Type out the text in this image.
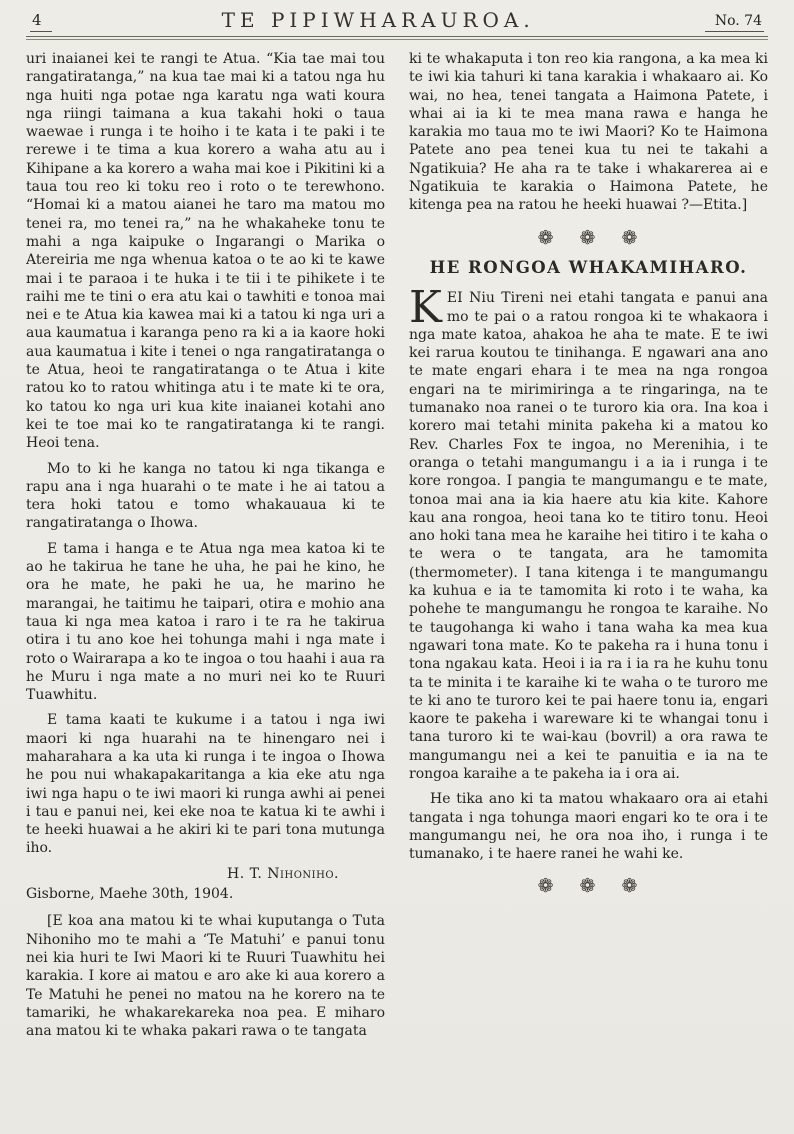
4	TE PIPIWHARAUROA.	No. 74

uri inaianei kei te rangi te Atua. “Kia tae mai tou rangatiratanga,” na kua tae mai ki a tatou nga hu nga huiti nga potae nga karatu nga wati koura nga riingi taimana a kua takahi hoki o taua waewae i runga i te hoiho i te kata i te paki i te rerewe i te tima a kua korero a waha atu au i Kihipane a ka korero a waha mai koe i Pikitini ki a taua tou reo ki toku reo i roto o te terewhono. “Homai ki a matou aianei he taro ma matou mo tenei ra, mo tenei ra,” na he whakaheke tonu te mahi a nga kaipuke o Ingarangi o Marika o Atereiria me nga whenua katoa o te ao ki te kawe mai i te paraoa i te huka i te tii i te pihikete i te raihi me te tini o era atu kai o tawhiti e tonoa mai nei e te Atua kia kawea mai ki a tatou ki nga uri a aua kaumatua i karanga peno ra ki a ia kaore hoki aua kaumatua i kite i tenei o nga rangatiratanga o te Atua, heoi te rangatiratanga o te Atua i kite ratou ko to ratou whitinga atu i te mate ki te ora, ko tatou ko nga uri kua kite inaianei kotahi ano kei te toe mai ko te rangatiratanga ki te rangi. Heoi tena.

Mo to ki he kanga no tatou ki nga tikanga e rapu ana i nga huarahi o te mate i he ai tatou a tera hoki tatou e tomo whakauaua ki te rangatiratanga o Ihowa.

E tama i hanga e te Atua nga mea katoa ki te ao he takirua he tane he uha, he pai he kino, he ora he mate, he paki he ua, he marino he marangai, he taitimu he taipari, otira e mohio ana taua ki nga mea katoa i raro i te ra he takirua otira i tu ano koe hei tohunga mahi i nga mate i roto o Wairarapa a ko te ingoa o tou haahi i aua ra he Muru i nga mate a no muri nei ko te Ruuri Tuawhitu.

E tama kaati te kukume i a tatou i nga iwi maori ki nga huarahi na te hinengaro nei i maharahara a ka uta ki runga i te ingoa o Ihowa he pou nui whakapakaritanga a kia eke atu nga iwi nga hapu o te iwi maori ki runga awhi ai penei i tau e panui nei, kei eke noa te katua ki te awhi i te heeki huawai a he akiri ki te pari tona mutunga iho.

H. T. Nihoniho.

Gisborne, Maehe 30th, 1904.

[E koa ana matou ki te whai kuputanga o Tuta Nihoniho mo te mahi a ‘Te Matuhi’ e panui tonu nei kia huri te Iwi Maori ki te Ruuri Tuawhitu hei karakia. I kore ai matou e aro ake ki aua korero a Te Matuhi he penei no matou na he korero na te tamariki, he whakarekareka noa pea. E miharo ana matou ki te whaka pakari rawa o te tangata

ki te whakaputa i ton reo kia rangona, a ka mea ki te iwi kia tahuri ki tana karakia i whakaaro ai. Ko wai, no hea, tenei tangata a Haimona Patete, i whai ai ia ki te mea mana rawa e hanga he karakia mo taua mo te iwi Maori? Ko te Haimona Patete ano pea tenei kua tu nei te takahi a Ngatikuia? He aha ra te take i whakarerea ai e Ngatikuia te karakia o Haimona Patete, he kitenga pea na ratou he heeki huawai ?—Etita.]

❁ ❁ ❁
HE RONGOA WHAKAMIHARO.

KEI Niu Tireni nei etahi tangata e panui ana mo te pai o a ratou rongoa ki te whakaora i nga mate katoa, ahakoa he aha te mate. E te iwi kei rarua koutou te tinihanga. E ngawari ana ano te mate engari ehara i te mea na nga rongoa engari na te mirimiringa a te ringaringa, na te tumanako noa ranei o te turoro kia ora. Ina koa i korero mai tetahi minita pakeha ki a matou ko Rev. Charles Fox te ingoa, no Merenihia, i te oranga o tetahi mangumangu i a ia i runga i te kore rongoa. I pangia te mangumangu e te mate, tonoa mai ana ia kia haere atu kia kite. Kahore kau ana rongoa, heoi tana ko te titiro tonu. Heoi ano hoki tana mea he karaihe hei titiro i te kaha o te wera o te tangata, ara he tamomita (thermometer). I tana kitenga i te mangumangu ka kuhua e ia te tamomita ki roto i te waha, ka pohehe te mangumangu he rongoa te karaihe. No te taugohanga ki waho i tana waha ka mea kua ngawari tona mate. Ko te pakeha ra i huna tonu i tona ngakau kata. Heoi i ia ra i ia ra he kuhu tonu ta te minita i te karaihe ki te waha o te turoro me te ki ano te turoro kei te pai haere tonu ia, engari kaore te pakeha i wareware ki te whangai tonu i tana turoro ki te wai-kau (bovril) a ora rawa te mangumangu nei a kei te panuitia e ia na te rongoa karaihe a te pakeha ia i ora ai.

He tika ano ki ta matou whakaaro ora ai etahi tangata i nga tohunga maori engari ko te ora i te mangumangu nei, he ora noa iho, i runga i te tumanako, i te haere ranei he wahi ke.

❁ ❁ ❁
